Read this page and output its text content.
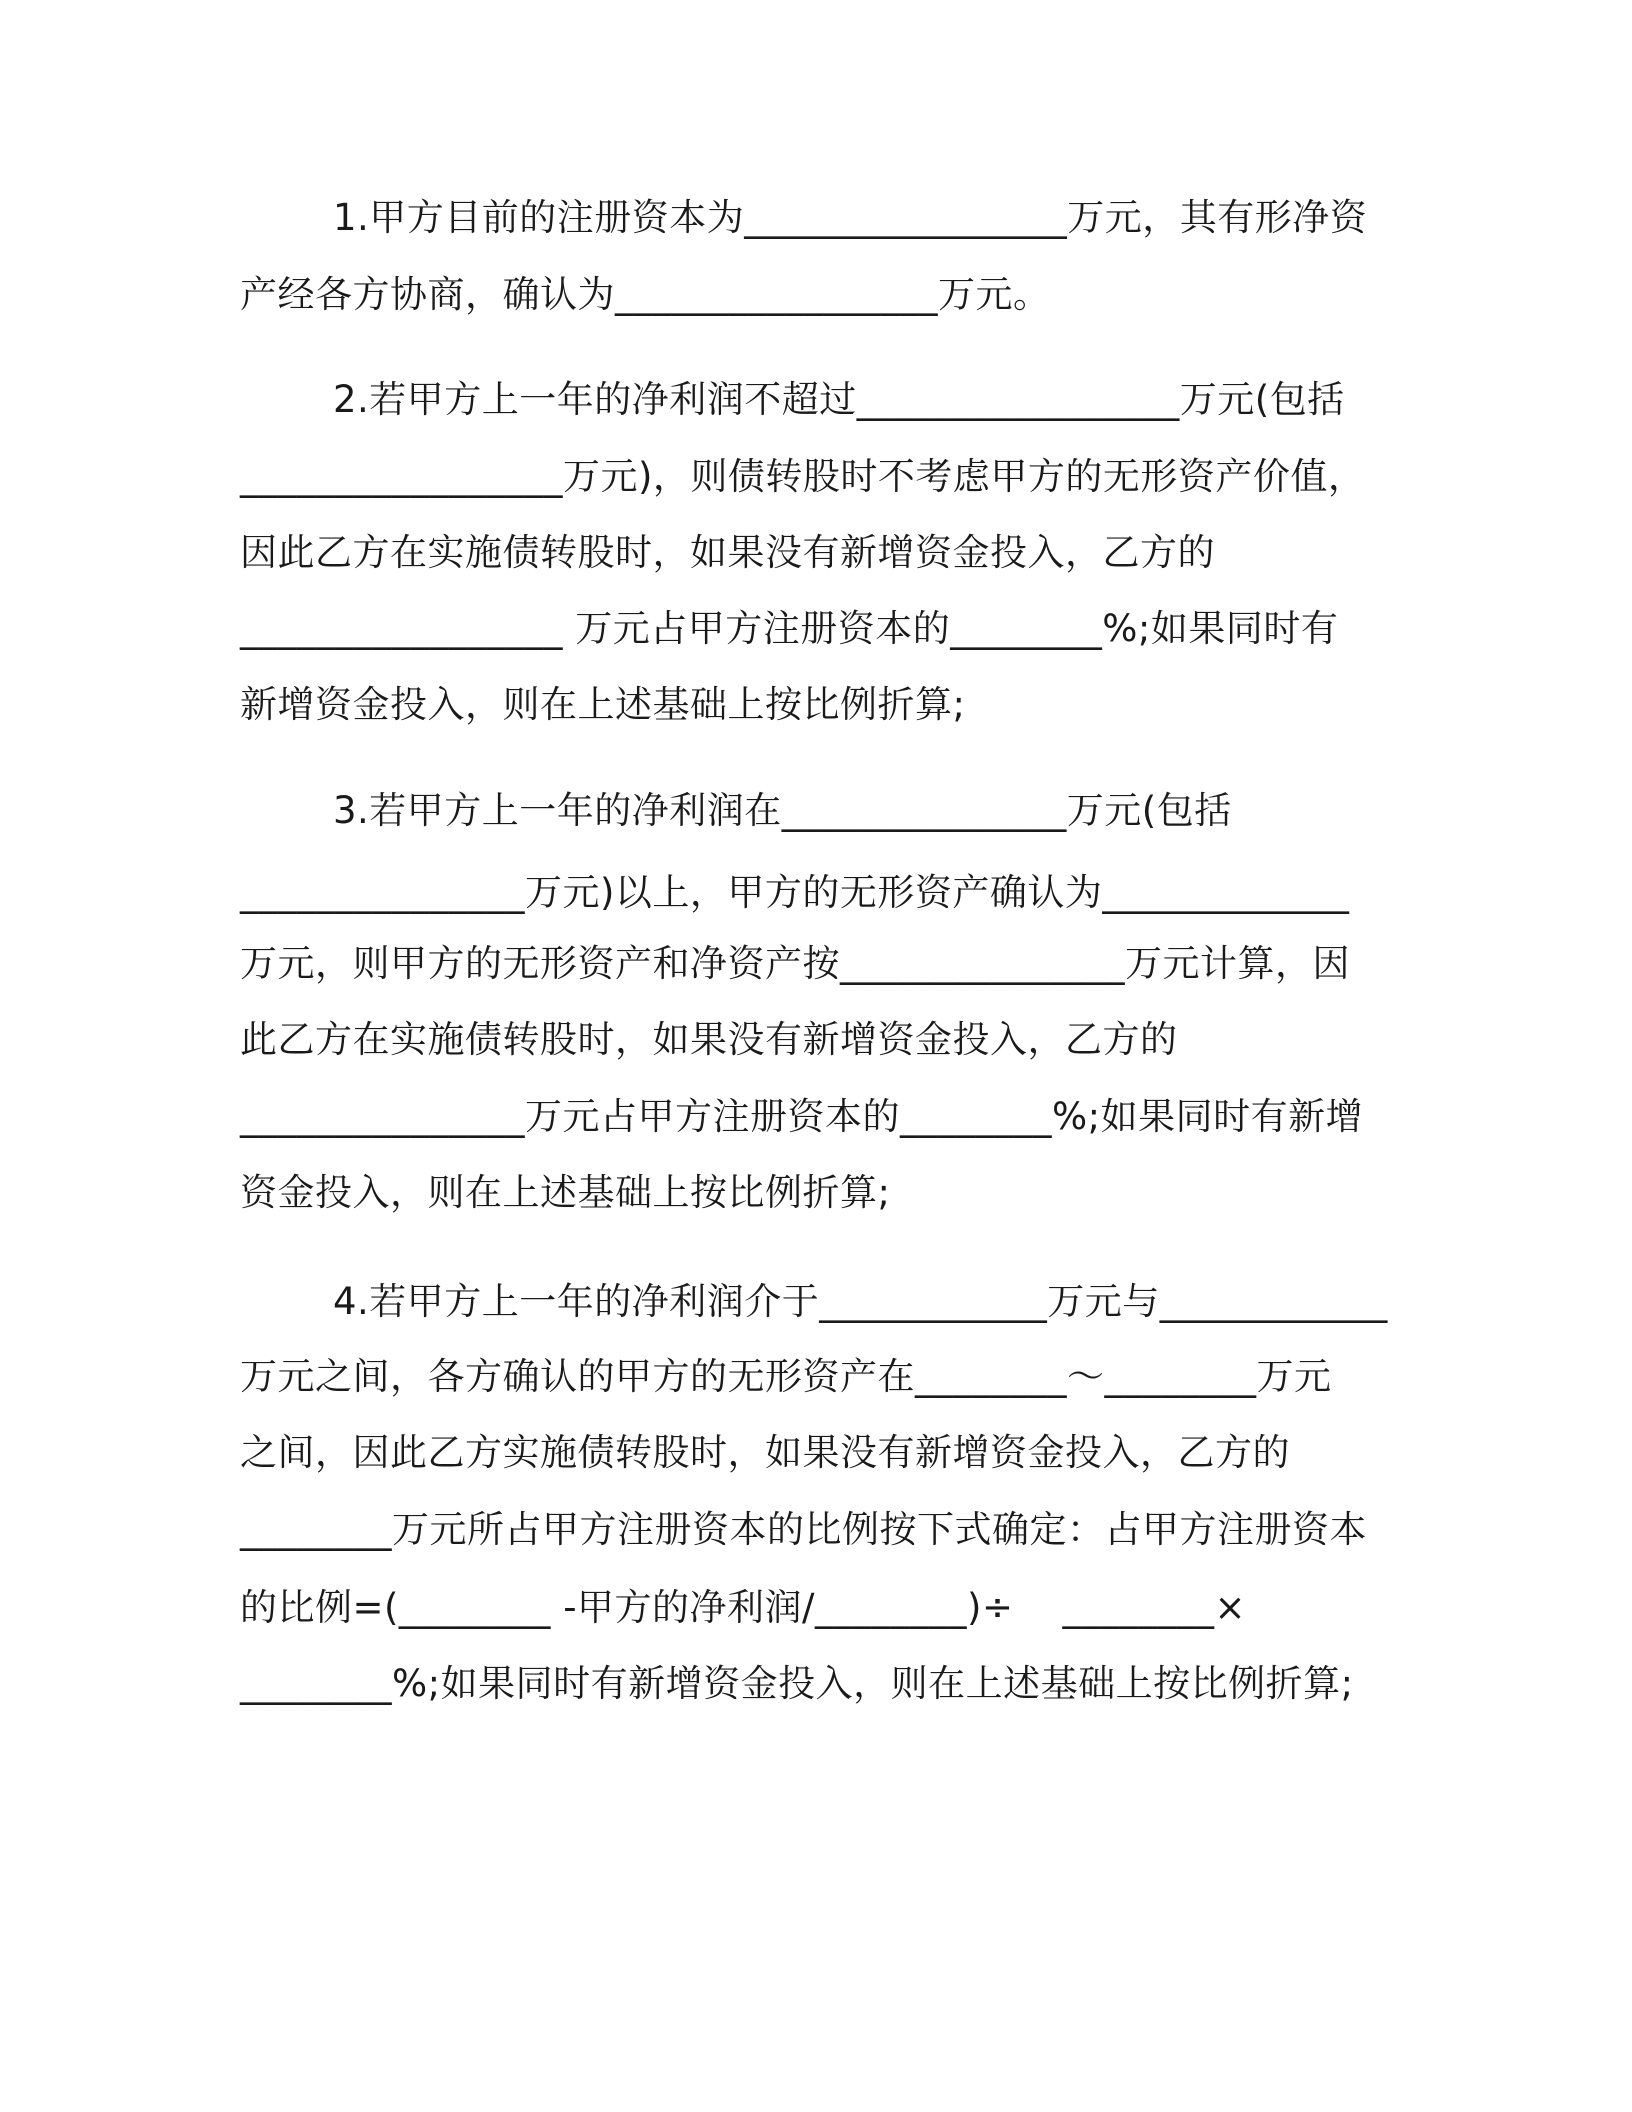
1.甲方目前的注册资本为_________________万元，其有形净资
产经各方协商，确认为_________________万元。
2.若甲方上一年的净利润不超过_________________万元(包括
_________________万元)，则债转股时不考虑甲方的无形资产价值，
因此乙方在实施债转股时，如果没有新增资金投入，乙方的
_________________ 万元占甲方注册资本的________%;如果同时有
新增资金投入，则在上述基础上按比例折算;
3.若甲方上一年的净利润在_______________万元(包括
_______________万元)以上，甲方的无形资产确认为_____________
万元，则甲方的无形资产和净资产按_______________万元计算，因
此乙方在实施债转股时，如果没有新增资金投入，乙方的
_______________万元占甲方注册资本的________%;如果同时有新增
资金投入，则在上述基础上按比例折算;
4.若甲方上一年的净利润介于____________万元与____________
万元之间，各方确认的甲方的无形资产在________～________万元
之间，因此乙方实施债转股时，如果没有新增资金投入，乙方的
________万元所占甲方注册资本的比例按下式确定：占甲方注册资本
的比例=(________ -甲方的净利润/________)÷    ________×
________%;如果同时有新增资金投入，则在上述基础上按比例折算;
